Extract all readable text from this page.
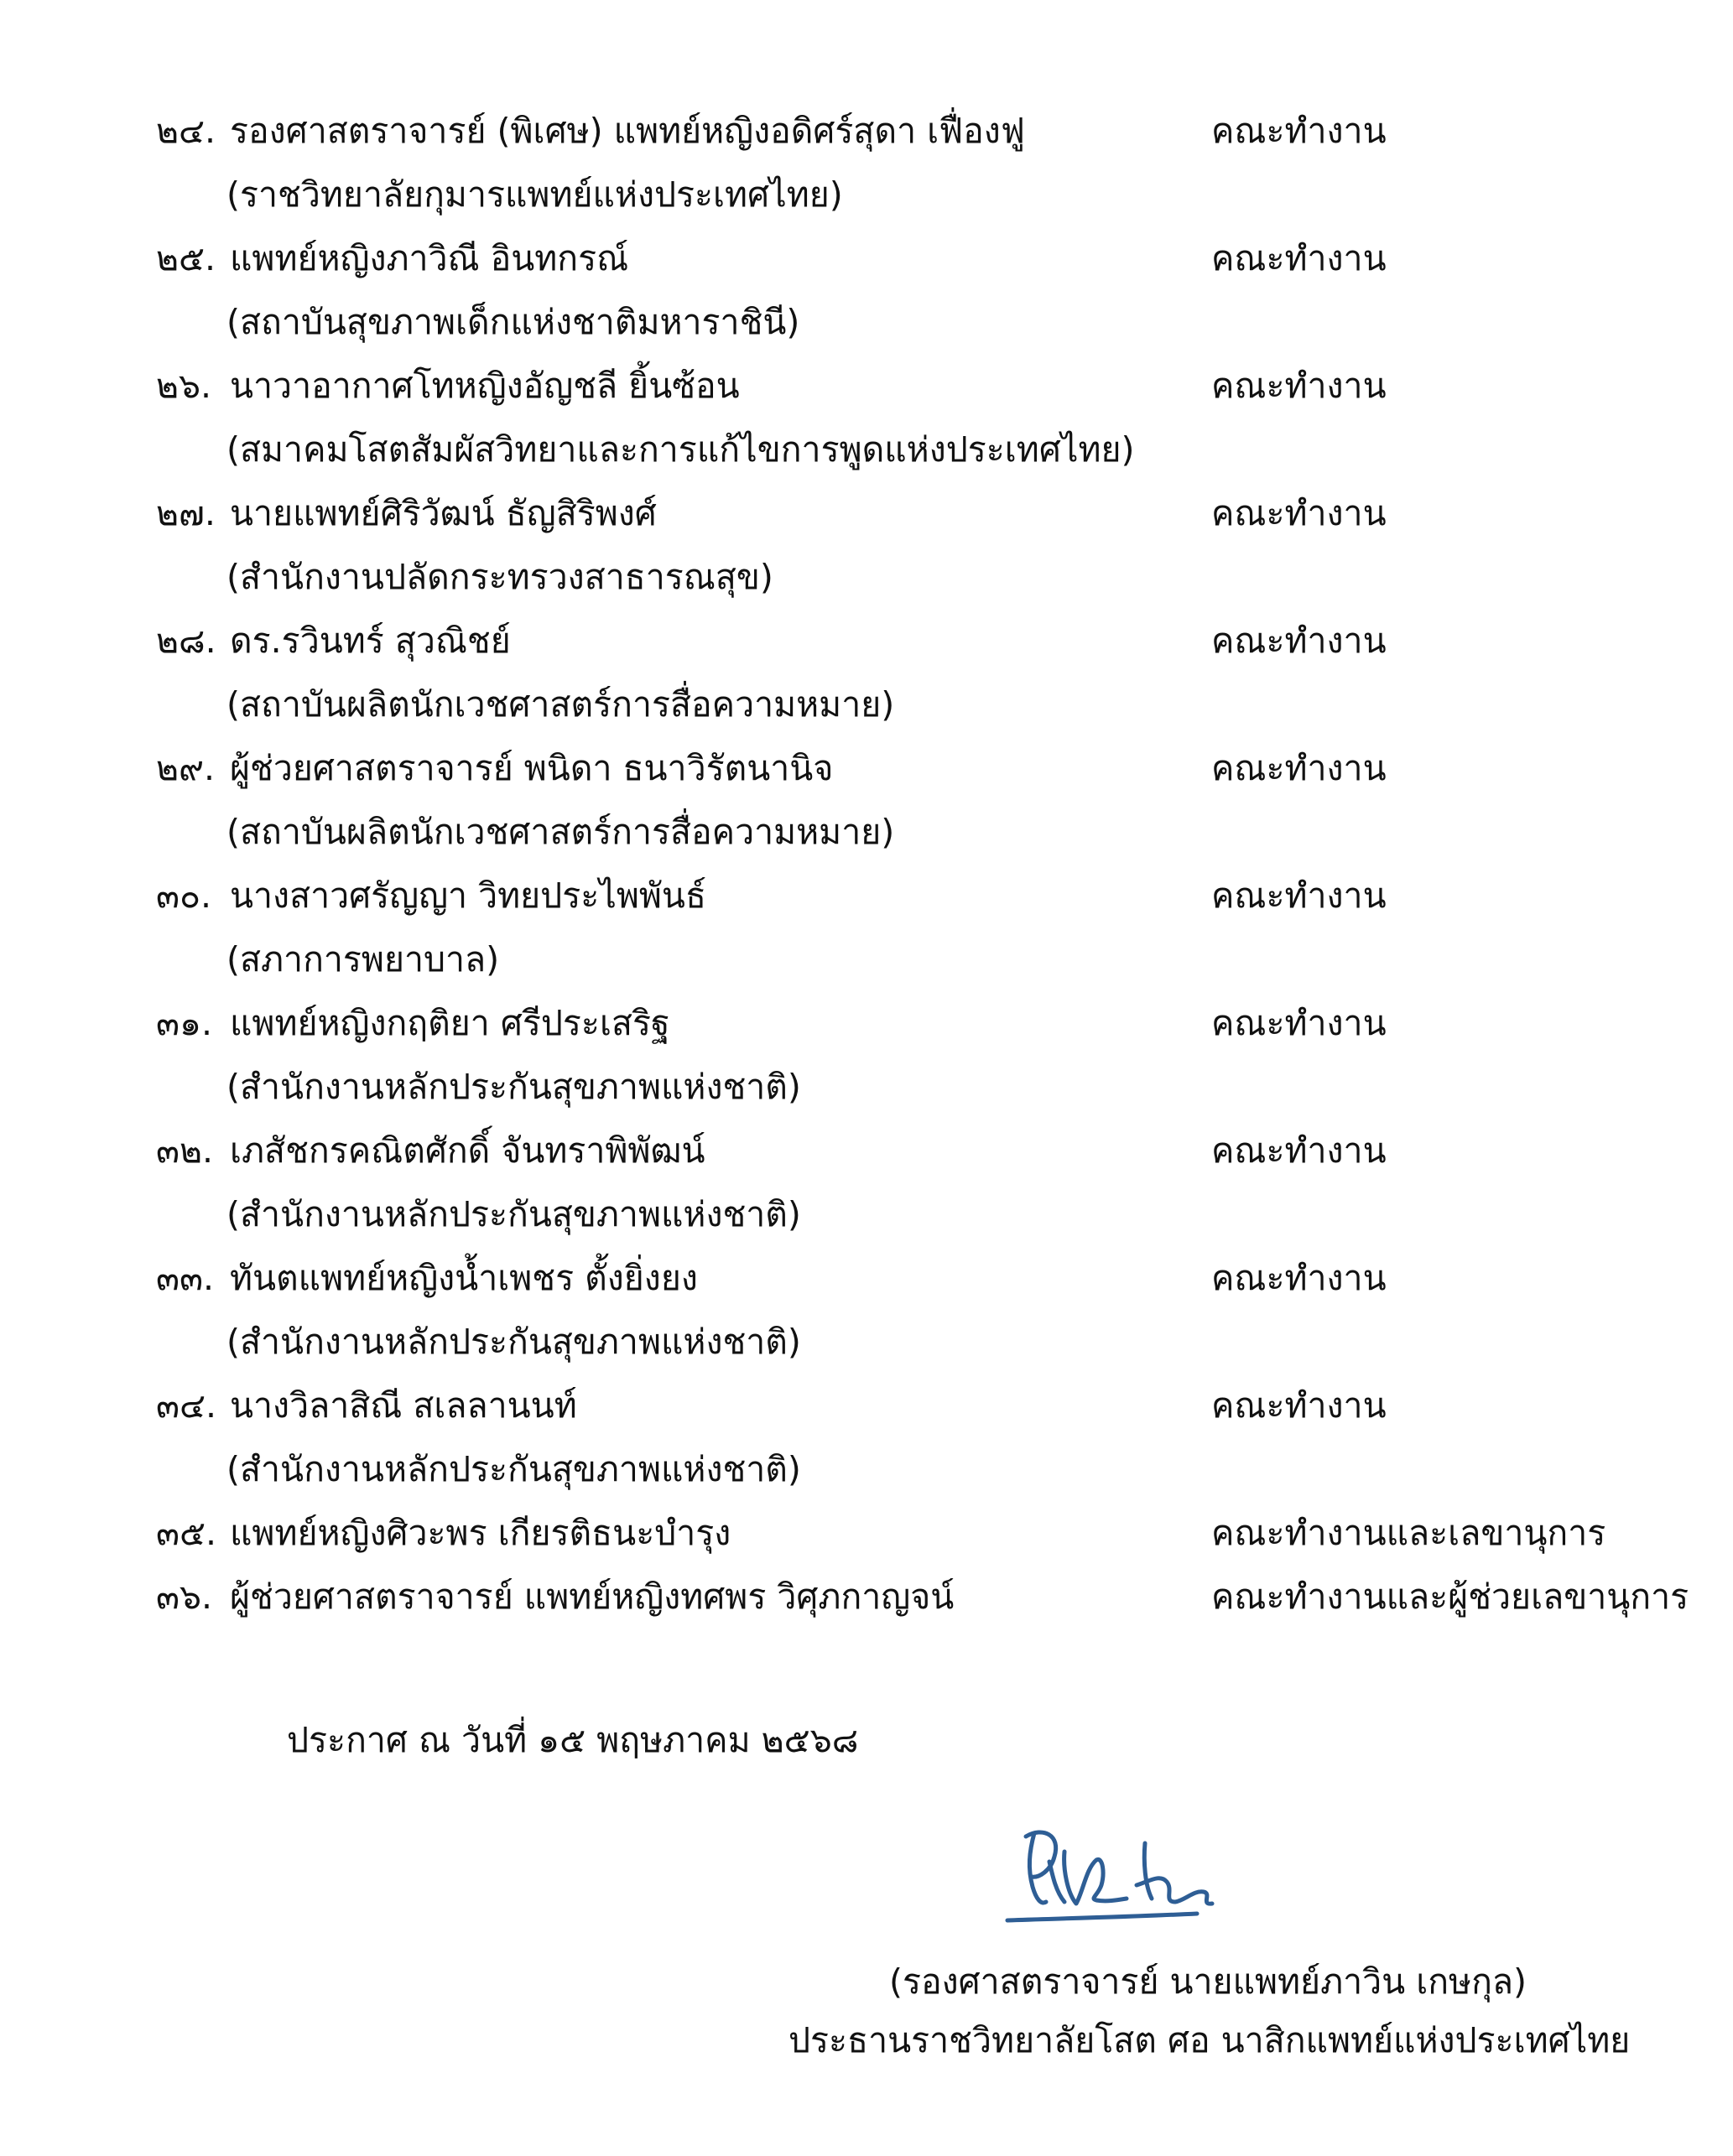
๒๔. รองศาสตราจารย์ (พิเศษ) แพทย์หญิงอดิศร์สุดา เฟื่องฟู	คณะทำงาน
(ราชวิทยาลัยกุมารแพทย์แห่งประเทศไทย)
๒๕. แพทย์หญิงภาวิณี อินทกรณ์	คณะทำงาน
(สถาบันสุขภาพเด็กแห่งชาติมหาราชินี)
๒๖. นาวาอากาศโทหญิงอัญชลี ยิ้นซ้อน	คณะทำงาน
(สมาคมโสตสัมผัสวิทยาและการแก้ไขการพูดแห่งประเทศไทย)
๒๗. นายแพทย์ศิริวัฒน์ ธัญสิริพงศ์	คณะทำงาน
(สำนักงานปลัดกระทรวงสาธารณสุข)
๒๘. ดร.รวินทร์ สุวณิชย์	คณะทำงาน
(สถาบันผลิตนักเวชศาสตร์การสื่อความหมาย)
๒๙. ผู้ช่วยศาสตราจารย์ พนิดา ธนาวิรัตนานิจ	คณะทำงาน
(สถาบันผลิตนักเวชศาสตร์การสื่อความหมาย)
๓๐. นางสาวศรัญญา วิทยประไพพันธ์	คณะทำงาน
(สภาการพยาบาล)
๓๑. แพทย์หญิงกฤติยา ศรีประเสริฐ	คณะทำงาน
(สำนักงานหลักประกันสุขภาพแห่งชาติ)
๓๒. เภสัชกรคณิตศักดิ์ จันทราพิพัฒน์	คณะทำงาน
(สำนักงานหลักประกันสุขภาพแห่งชาติ)
๓๓. ทันตแพทย์หญิงน้ำเพชร ตั้งยิ่งยง	คณะทำงาน
(สำนักงานหลักประกันสุขภาพแห่งชาติ)
๓๔. นางวิลาสิณี สเลลานนท์	คณะทำงาน
(สำนักงานหลักประกันสุขภาพแห่งชาติ)
๓๕. แพทย์หญิงศิวะพร เกียรติธนะบำรุง	คณะทำงานและเลขานุการ
๓๖. ผู้ช่วยศาสตราจารย์ แพทย์หญิงทศพร วิศุภกาญจน์	คณะทำงานและผู้ช่วยเลขานุการ
ประกาศ ณ วันที่ ๑๕ พฤษภาคม ๒๕๖๘
(รองศาสตราจารย์ นายแพทย์ภาวิน เกษกุล)
ประธานราชวิทยาลัยโสต ศอ นาสิกแพทย์แห่งประเทศไทย
